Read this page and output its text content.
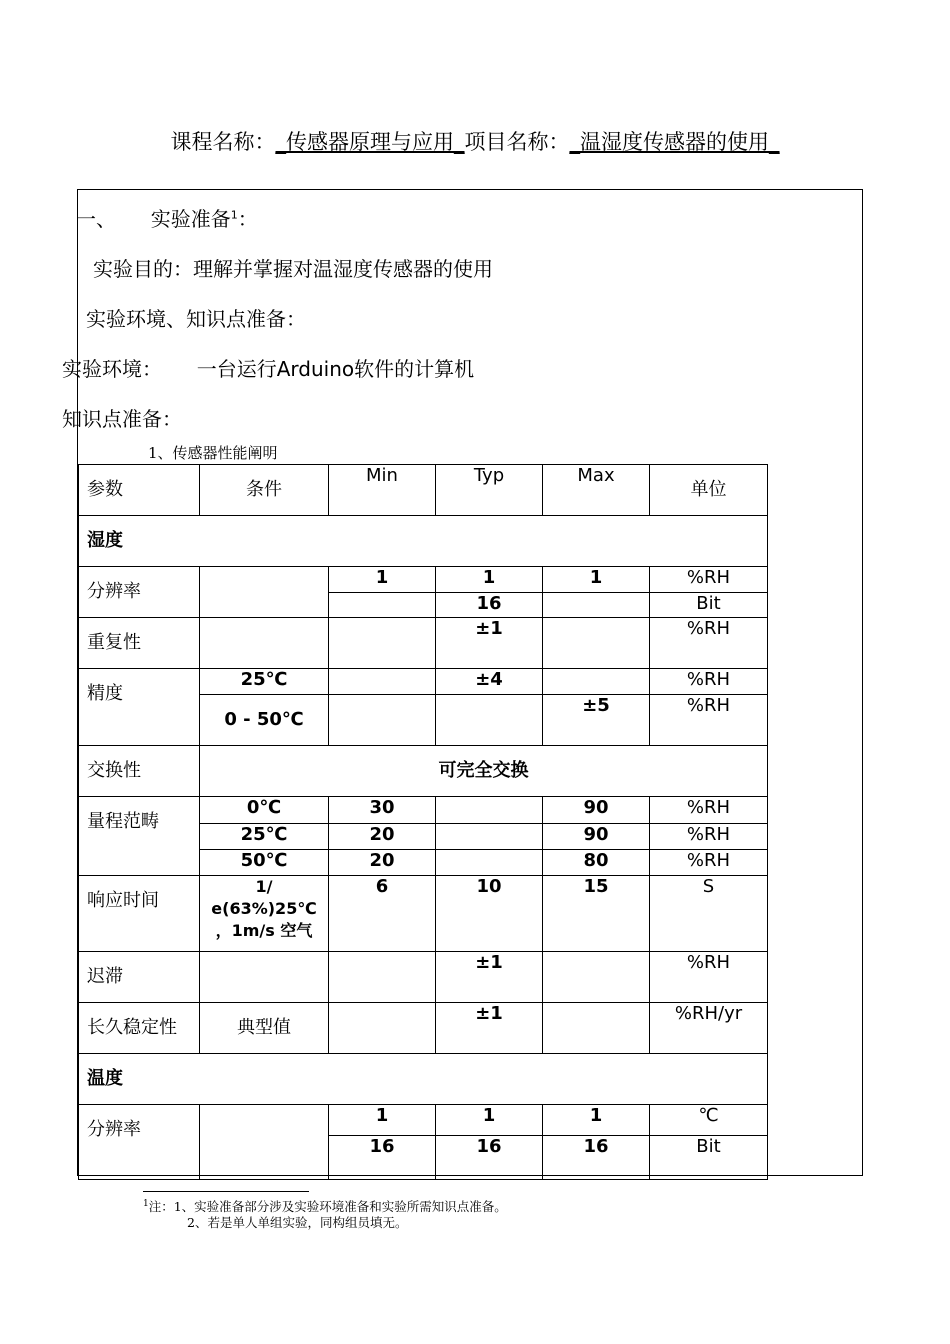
课程名称：_传感器原理与应用_项目名称：_温湿度传感器的使用_
一、 实验准备$^1$：
实验目的：理解并掌握对温湿度传感器的使用
实验环境、知识点准备：
实验环境： 一台运行Arduino软件的计算机
知识点准备：
1、传感器性能阐明
参数	条件	Min	Typ	Max	单位
湿度					
分辨率		1	1	1	%RH
			16		Bit
重复性			±1		%RH
精度	25℃		±4		%RH
	0 - 50℃			±5	%RH
交换性	可完全交换				
量程范畴	0℃	30		90	%RH
	25℃	20		90	%RH
	50℃	20		80	%RH
响应时间	1/
e(63%)25℃
，1m/s 空气	6	10	15	S
迟滞			±1		%RH
长久稳定性	典型值		±1		%RH/yr
温度					
分辨率		1	1	1	℃
		16	16	16	Bit
$^1$注：1、实验准备部分涉及实验环境准备和实验所需知识点准备。
2、若是单人单组实验，同构组员填无。
